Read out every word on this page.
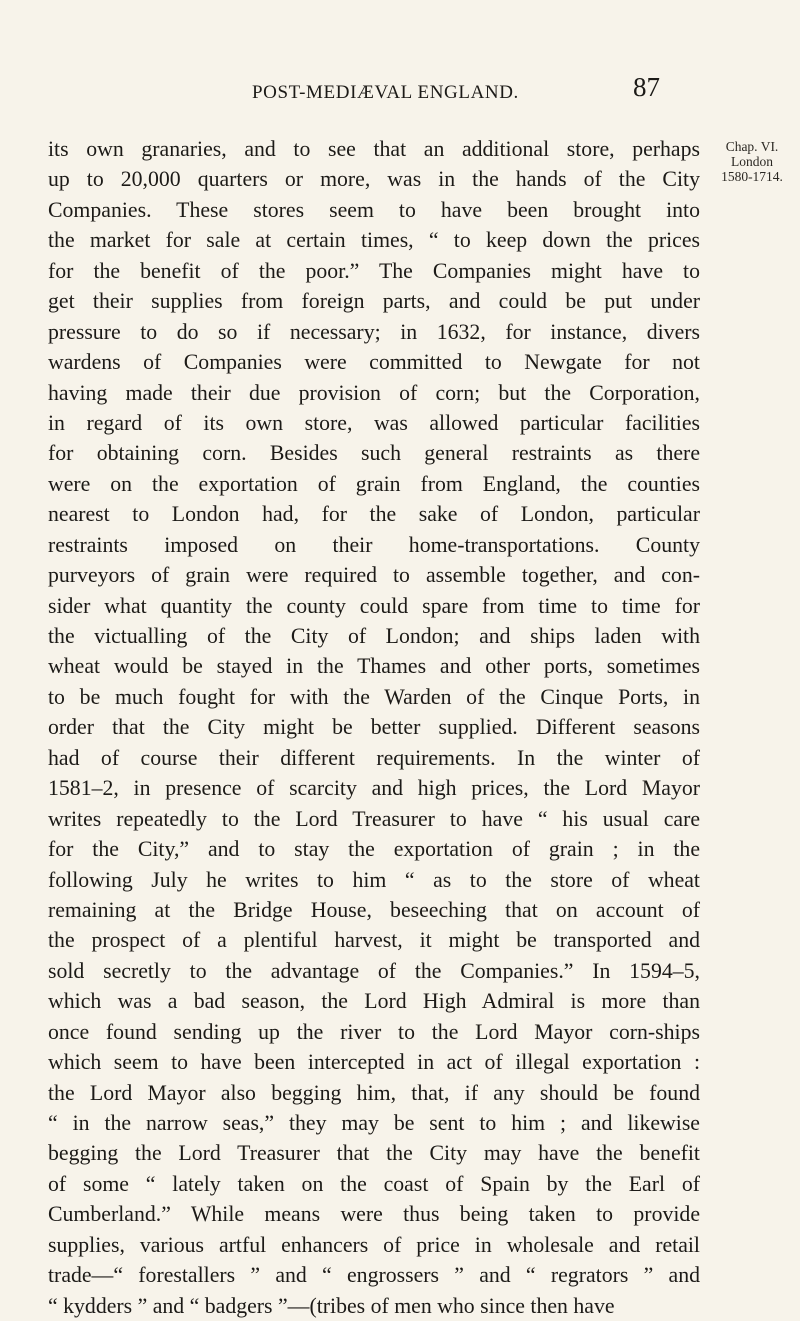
POST-MEDIÆVAL ENGLAND.	87
Chap. VI.
London
1580-1714.
its own granaries, and to see that an additional store, perhaps
up to 20,000 quarters or more, was in the hands of the City
Companies. These stores seem to have been brought into
the market for sale at certain times, “ to keep down the prices
for the benefit of the poor.” The Companies might have to
get their supplies from foreign parts, and could be put under
pressure to do so if necessary; in 1632, for instance, divers
wardens of Companies were committed to Newgate for not
having made their due provision of corn; but the Corporation,
in regard of its own store, was allowed particular facilities
for obtaining corn. Besides such general restraints as there
were on the exportation of grain from England, the counties
nearest to London had, for the sake of London, particular
restraints imposed on their home-transportations. County
purveyors of grain were required to assemble together, and con-
sider what quantity the county could spare from time to time for
the victualling of the City of London; and ships laden with
wheat would be stayed in the Thames and other ports, sometimes
to be much fought for with the Warden of the Cinque Ports, in
order that the City might be better supplied. Different seasons
had of course their different requirements. In the winter of
1581–2, in presence of scarcity and high prices, the Lord Mayor
writes repeatedly to the Lord Treasurer to have “ his usual care
for the City,” and to stay the exportation of grain ; in the
following July he writes to him “ as to the store of wheat
remaining at the Bridge House, beseeching that on account of
the prospect of a plentiful harvest, it might be transported and
sold secretly to the advantage of the Companies.” In 1594–5,
which was a bad season, the Lord High Admiral is more than
once found sending up the river to the Lord Mayor corn-ships
which seem to have been intercepted in act of illegal exportation :
the Lord Mayor also begging him, that, if any should be found
“ in the narrow seas,” they may be sent to him ; and likewise
begging the Lord Treasurer that the City may have the benefit
of some “ lately taken on the coast of Spain by the Earl of
Cumberland.” While means were thus being taken to provide
supplies, various artful enhancers of price in wholesale and retail
trade—“ forestallers ” and “ engrossers ” and “ regrators ” and
“ kydders ” and “ badgers ”—(tribes of men who since then have
